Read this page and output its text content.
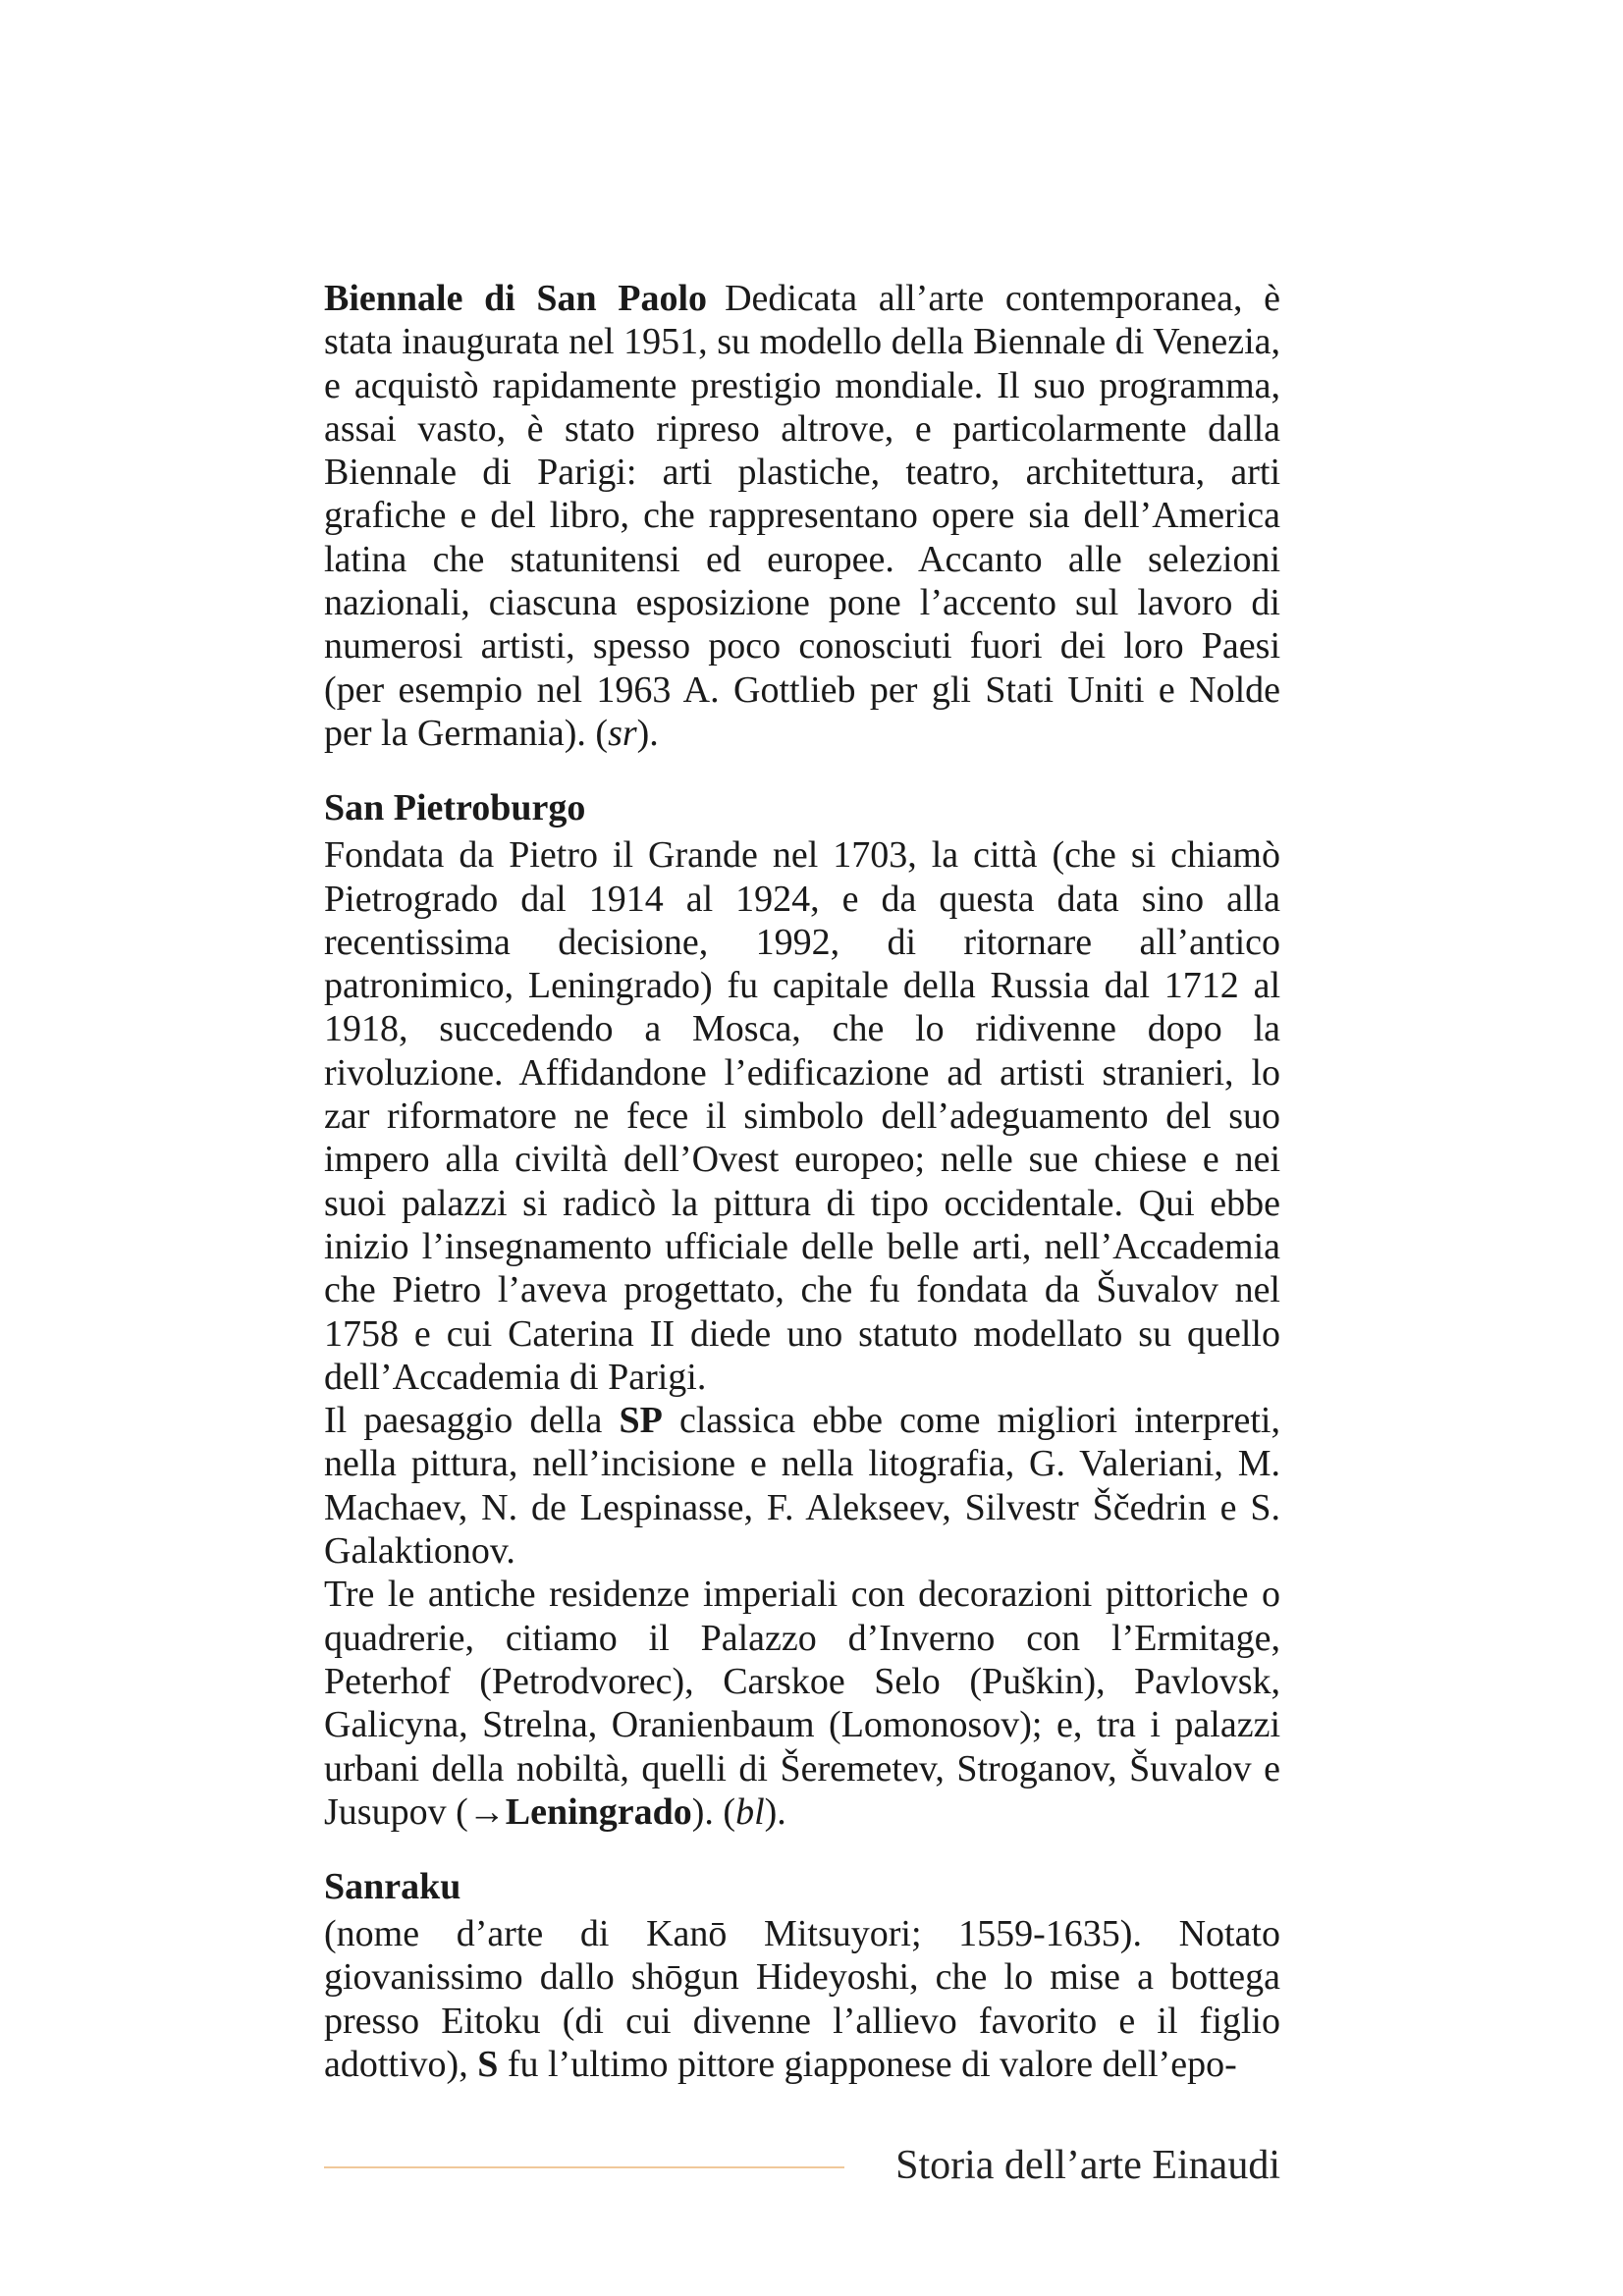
Biennale di San Paolo Dedicata all’arte contemporanea, è stata inaugurata nel 1951, su modello della Biennale di Venezia, e acquistò rapidamente prestigio mondiale. Il suo programma, assai vasto, è stato ripreso altrove, e particolarmente dalla Biennale di Parigi: arti plastiche, teatro, architettura, arti grafiche e del libro, che rappresentano opere sia dell’America latina che statunitensi ed europee. Accanto alle selezioni nazionali, ciascuna esposizione pone l’accento sul lavoro di numerosi artisti, spesso poco conosciuti fuori dei loro Paesi (per esempio nel 1963 A. Gottlieb per gli Stati Uniti e Nolde per la Germania). (sr).

San Pietroburgo

Fondata da Pietro il Grande nel 1703, la città (che si chiamò Pietrogrado dal 1914 al 1924, e da questa data sino alla recentissima decisione, 1992, di ritornare all’antico patronimico, Leningrado) fu capitale della Russia dal 1712 al 1918, succedendo a Mosca, che lo ridivenne dopo la rivoluzione. Affidandone l’edificazione ad artisti stranieri, lo zar riformatore ne fece il simbolo dell’adeguamento del suo impero alla civiltà dell’Ovest europeo; nelle sue chiese e nei suoi palazzi si radicò la pittura di tipo occidentale. Qui ebbe inizio l’insegnamento ufficiale delle belle arti, nell’Accademia che Pietro l’aveva progettato, che fu fondata da Šuvalov nel 1758 e cui Caterina II diede uno statuto modellato su quello dell’Accademia di Parigi.

Il paesaggio della SP classica ebbe come migliori interpreti, nella pittura, nell’incisione e nella litografia, G. Valeriani, M. Machaev, N. de Lespinasse, F. Alekseev, Silvestr Ščedrin e S. Galaktionov.

Tre le antiche residenze imperiali con decorazioni pittoriche o quadrerie, citiamo il Palazzo d’Inverno con l’Ermitage, Peterhof (Petrodvorec), Carskoe Selo (Puškin), Pavlovsk, Galicyna, Strelna, Oranienbaum (Lomonosov); e, tra i palazzi urbani della nobiltà, quelli di Šeremetev, Stroganov, Šuvalov e Jusupov (→Leningrado). (bl).

Sanraku

(nome d’arte di Kanō Mitsuyori; 1559-1635). Notato giovanissimo dallo shōgun Hideyoshi, che lo mise a bottega presso Eitoku (di cui divenne l’allievo favorito e il figlio adottivo), S fu l’ultimo pittore giapponese di valore dell’epo-

Storia dell’arte Einaudi
